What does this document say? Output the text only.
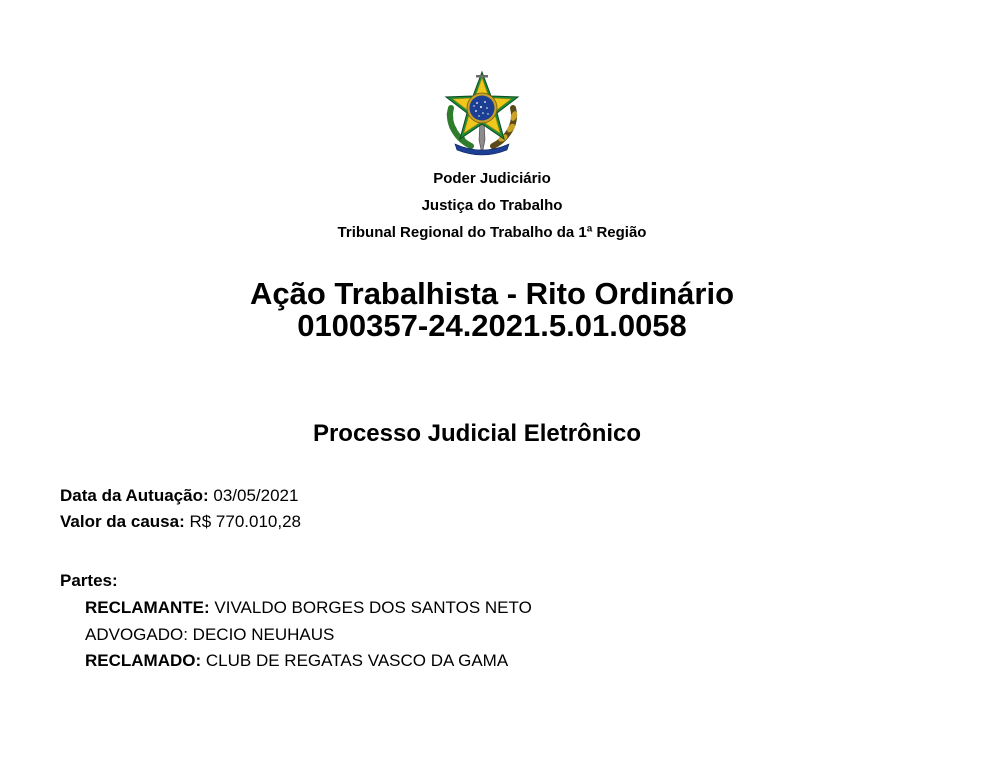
Poder Judiciário
Justiça do Trabalho
Tribunal Regional do Trabalho da 1ª Região
Ação Trabalhista - Rito Ordinário
0100357-24.2021.5.01.0058
Processo Judicial Eletrônico
Data da Autuação: 03/05/2021
Valor da causa: R$ 770.010,28
Partes:
RECLAMANTE: VIVALDO BORGES DOS SANTOS NETO
ADVOGADO: DECIO NEUHAUS
RECLAMADO: CLUB DE REGATAS VASCO DA GAMA
